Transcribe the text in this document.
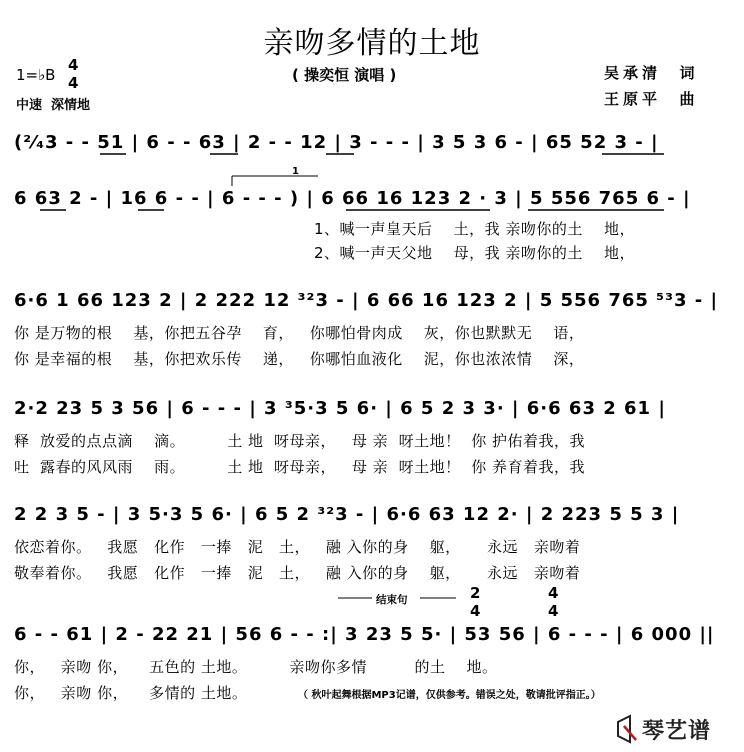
亲吻多情的土地
( 操奕恒 演唱 )
1=♭B
4
4
中速  深情地
吴承清  词
王原平  曲
(²⁄₄3 - - 51 | 6 - - 63 | 2 - - 12 | 3 - - - | 3 5 3 6 - | 65 52 3 - |
6 63 2 - | 16 6 - - | 6 - - - ) | 6 66 16 123 2 · 3 | 5 556 765 6 - |
1
1、喊一声皇天后    土，我 亲吻你的土    地，
2、喊一声天父地    母，我 亲吻你的土    地，
6·6 1 66 123 2 | 2 222 12 ³²3 - | 6 66 16 123 2 | 5 556 765 ⁵³3 - |
你 是万物的根    基，你把五谷孕    育，   你哪怕骨肉成    灰，你也默默无    语，
你 是幸福的根    基，你把欢乐传    递，   你哪怕血液化    泥，你也浓浓情    深，
2·2 23 5 3 56 | 6 - - - | 3 ³5·3 5 6· | 6 5 2 3 3· | 6·6 63 2 61 |
释  放爱的点点滴    滴。        土 地  呀母亲，   母 亲  呀土地！  你 护佑着我，我
吐  露春的风风雨    雨。        土 地  呀母亲，   母 亲  呀土地！  你 养育着我，我
2 2 3 5 - | 3 5·3 5 6· | 6 5 2 ³²3 - | 6·6 63 12 2· | 2 223 5 5 3 |
依恋着你。   我愿   化作   一捧   泥   土，   融 入你的身    躯，     永远   亲吻着
敬奉着你。   我愿   化作   一捧   泥   土，   融 入你的身    躯，     永远   亲吻着
结束句	2
4
4
4
6 - - 61 | 2 - 22 21 | 56 6 - - :| 3 23 5 5· | 53 56 | 6 - - - | 6 000 ||
你，   亲吻 你，    五色的 土地。        亲吻你多情         的土    地。
你，   亲吻 你，    多情的 土地。	（ 秋叶起舞根据MP3记谱，仅供参考。错误之处，敬请批评指正。）
琴艺谱
